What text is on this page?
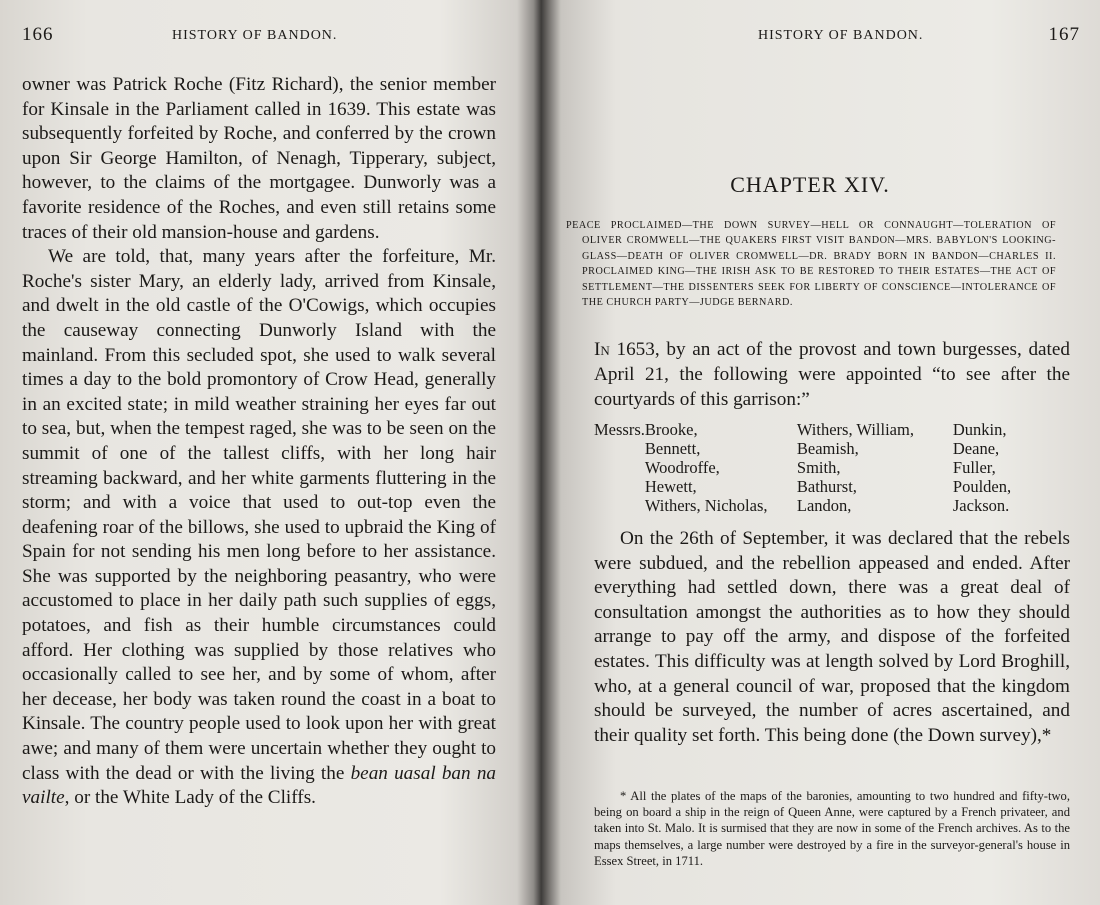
166	HISTORY OF BANDON.

owner was Patrick Roche (Fitz Richard), the senior member for Kinsale in the Parliament called in 1639. This estate was subsequently forfeited by Roche, and conferred by the crown upon Sir George Hamilton, of Nenagh, Tipperary, subject, however, to the claims of the mortgagee. Dunworly was a favorite residence of the Roches, and even still retains some traces of their old mansion-house and gardens.

We are told, that, many years after the forfeiture, Mr. Roche's sister Mary, an elderly lady, arrived from Kinsale, and dwelt in the old castle of the O'Cowigs, which occupies the causeway connecting Dunworly Island with the mainland. From this secluded spot, she used to walk several times a day to the bold promontory of Crow Head, generally in an excited state; in mild weather straining her eyes far out to sea, but, when the tempest raged, she was to be seen on the summit of one of the tallest cliffs, with her long hair streaming backward, and her white garments fluttering in the storm; and with a voice that used to out-top even the deafening roar of the billows, she used to upbraid the King of Spain for not sending his men long before to her assistance. She was supported by the neighboring peasantry, who were accustomed to place in her daily path such supplies of eggs, potatoes, and fish as their humble circumstances could afford. Her clothing was supplied by those relatives who occasionally called to see her, and by some of whom, after her decease, her body was taken round the coast in a boat to Kinsale. The country people used to look upon her with great awe; and many of them were uncertain whether they ought to class with the dead or with the living the bean uasal ban na vailte, or the White Lady of the Cliffs.

HISTORY OF BANDON.	167
CHAPTER XIV.

PEACE PROCLAIMED—THE DOWN SURVEY—HELL OR CONNAUGHT—TOLERATION OF OLIVER CROMWELL—THE QUAKERS FIRST VISIT BANDON—MRS. BABYLON'S LOOKING-GLASS—DEATH OF OLIVER CROMWELL—DR. BRADY BORN IN BANDON—CHARLES II. PROCLAIMED KING—THE IRISH ASK TO BE RESTORED TO THEIR ESTATES—THE ACT OF SETTLEMENT—THE DISSENTERS SEEK FOR LIBERTY OF CONSCIENCE—INTOLERANCE OF THE CHURCH PARTY—JUDGE BERNARD.

In 1653, by an act of the provost and town burgesses, dated April 21, the following were appointed “to see after the courtyards of this garrison:”

Messrs.	Brooke,	Withers, William,	Dunkin,
	Bennett,	Beamish,	Deane,
	Woodroffe,	Smith,	Fuller,
	Hewett,	Bathurst,	Poulden,
	Withers, Nicholas,	Landon,	Jackson.

On the 26th of September, it was declared that the rebels were subdued, and the rebellion appeased and ended. After everything had settled down, there was a great deal of consultation amongst the authorities as to how they should arrange to pay off the army, and dispose of the forfeited estates. This difficulty was at length solved by Lord Broghill, who, at a general council of war, proposed that the kingdom should be surveyed, the number of acres ascertained, and their quality set forth. This being done (the Down survey),*

* All the plates of the maps of the baronies, amounting to two hundred and fifty-two, being on board a ship in the reign of Queen Anne, were captured by a French privateer, and taken into St. Malo. It is surmised that they are now in some of the French archives. As to the maps themselves, a large number were destroyed by a fire in the surveyor-general's house in Essex Street, in 1711.
